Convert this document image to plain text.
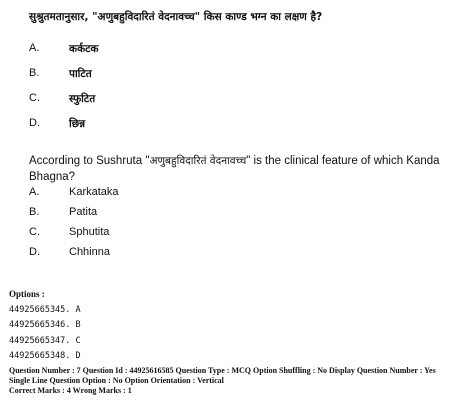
सुश्रुतमतानुसार, "अणुबहुविदारितं वेदनावच्च" किस काण्ड भग्न का लक्षण है?
A.	कर्कटक
B.	पाटित
C.	स्फुटित
D.	छिन्न
According to Sushruta "अणुबहुविदारितं वेदनावच्च" is the clinical feature of which Kanda Bhagna?
A.	Karkataka
B.	Patita
C.	Sphutita
D.	Chhinna
Options :
44925665345. A
44925665346. B
44925665347. C
44925665348. D
Question Number : 7 Question Id : 44925616585 Question Type : MCQ Option Shuffling : No Display Question Number : Yes
Single Line Question Option : No Option Orientation : Vertical
Correct Marks : 4 Wrong Marks : 1
